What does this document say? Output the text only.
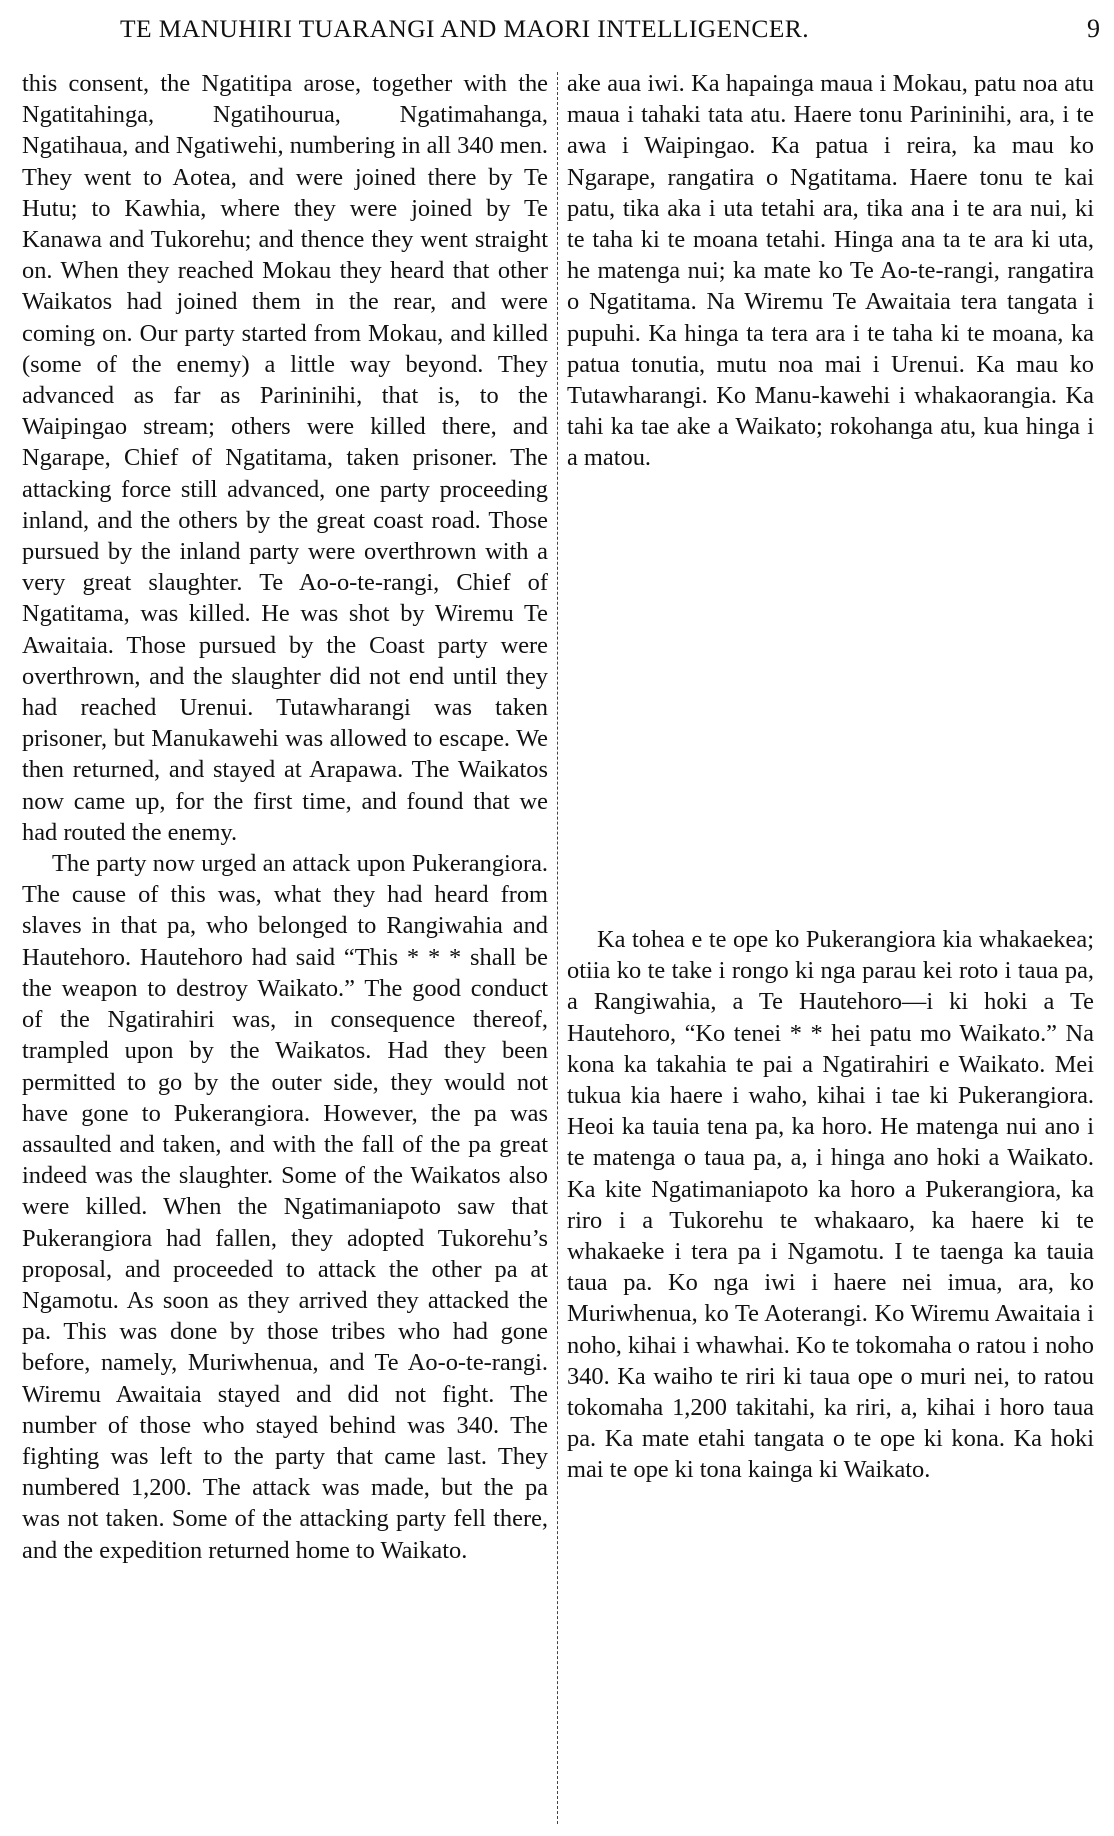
TE MANUHIRI TUARANGI AND MAORI INTELLIGENCER.	9

this consent, the Ngatitipa arose, together with the Ngatitahinga, Ngatihourua, Ngatimahanga, Ngatihaua, and Ngatiwehi, numbering in all 340 men. They went to Aotea, and were joined there by Te Hutu; to Kawhia, where they were joined by Te Kanawa and Tukorehu; and thence they went straight on. When they reached Mokau they heard that other Waikatos had joined them in the rear, and were coming on. Our party started from Mokau, and killed (some of the enemy) a little way beyond. They advanced as far as Parininihi, that is, to the Waipingao stream; others were killed there, and Ngarape, Chief of Ngatitama, taken prisoner. The attacking force still advanced, one party proceeding inland, and the others by the great coast road. Those pursued by the inland party were overthrown with a very great slaughter. Te Ao-o-te-rangi, Chief of Ngatitama, was killed. He was shot by Wiremu Te Awaitaia. Those pursued by the Coast party were overthrown, and the slaughter did not end until they had reached Urenui. Tutawharangi was taken prisoner, but Manukawehi was allowed to escape. We then returned, and stayed at Arapawa. The Waikatos now came up, for the first time, and found that we had routed the enemy.

The party now urged an attack upon Pukerangiora. The cause of this was, what they had heard from slaves in that pa, who belonged to Rangiwahia and Hautehoro. Hautehoro had said “This * * * shall be the weapon to destroy Waikato.” The good conduct of the Ngatirahiri was, in consequence thereof, trampled upon by the Waikatos. Had they been permitted to go by the outer side, they would not have gone to Pukerangiora. However, the pa was assaulted and taken, and with the fall of the pa great indeed was the slaughter. Some of the Waikatos also were killed. When the Ngatimaniapoto saw that Pukerangiora had fallen, they adopted Tukorehu’s proposal, and proceeded to attack the other pa at Ngamotu. As soon as they arrived they attacked the pa. This was done by those tribes who had gone before, namely, Muriwhenua, and Te Ao-o-te-rangi. Wiremu Awaitaia stayed and did not fight. The number of those who stayed behind was 340. The fighting was left to the party that came last. They numbered 1,200. The attack was made, but the pa was not taken. Some of the attacking party fell there, and the expedition returned home to Waikato.

ake aua iwi. Ka hapainga maua i Mokau, patu noa atu maua i tahaki tata atu. Haere tonu Parininihi, ara, i te awa i Waipingao. Ka patua i reira, ka mau ko Ngarape, rangatira o Ngatitama. Haere tonu te kai patu, tika aka i uta tetahi ara, tika ana i te ara nui, ki te taha ki te moana tetahi. Hinga ana ta te ara ki uta, he matenga nui; ka mate ko Te Ao-te-rangi, rangatira o Ngatitama. Na Wiremu Te Awaitaia tera tangata i pupuhi. Ka hinga ta tera ara i te taha ki te moana, ka patua tonutia, mutu noa mai i Urenui. Ka mau ko Tutawharangi. Ko Manu-kawehi i whakaorangia. Ka tahi ka tae ake a Waikato; rokohanga atu, kua hinga i a matou.

Ka tohea e te ope ko Pukerangiora kia whakaekea; otiia ko te take i rongo ki nga parau kei roto i taua pa, a Rangiwahia, a Te Hautehoro—i ki hoki a Te Hautehoro, “Ko tenei * * hei patu mo Waikato.” Na kona ka takahia te pai a Ngatirahiri e Waikato. Mei tukua kia haere i waho, kihai i tae ki Pukerangiora. Heoi ka tauia tena pa, ka horo. He matenga nui ano i te matenga o taua pa, a, i hinga ano hoki a Waikato. Ka kite Ngatimaniapoto ka horo a Pukerangiora, ka riro i a Tukorehu te whakaaro, ka haere ki te whakaeke i tera pa i Ngamotu. I te taenga ka tauia taua pa. Ko nga iwi i haere nei imua, ara, ko Muriwhenua, ko Te Aoterangi. Ko Wiremu Awaitaia i noho, kihai i whawhai. Ko te tokomaha o ratou i noho 340. Ka waiho te riri ki taua ope o muri nei, to ratou tokomaha 1,200 takitahi, ka riri, a, kihai i horo taua pa. Ka mate etahi tangata o te ope ki kona. Ka hoki mai te ope ki tona kainga ki Waikato.
